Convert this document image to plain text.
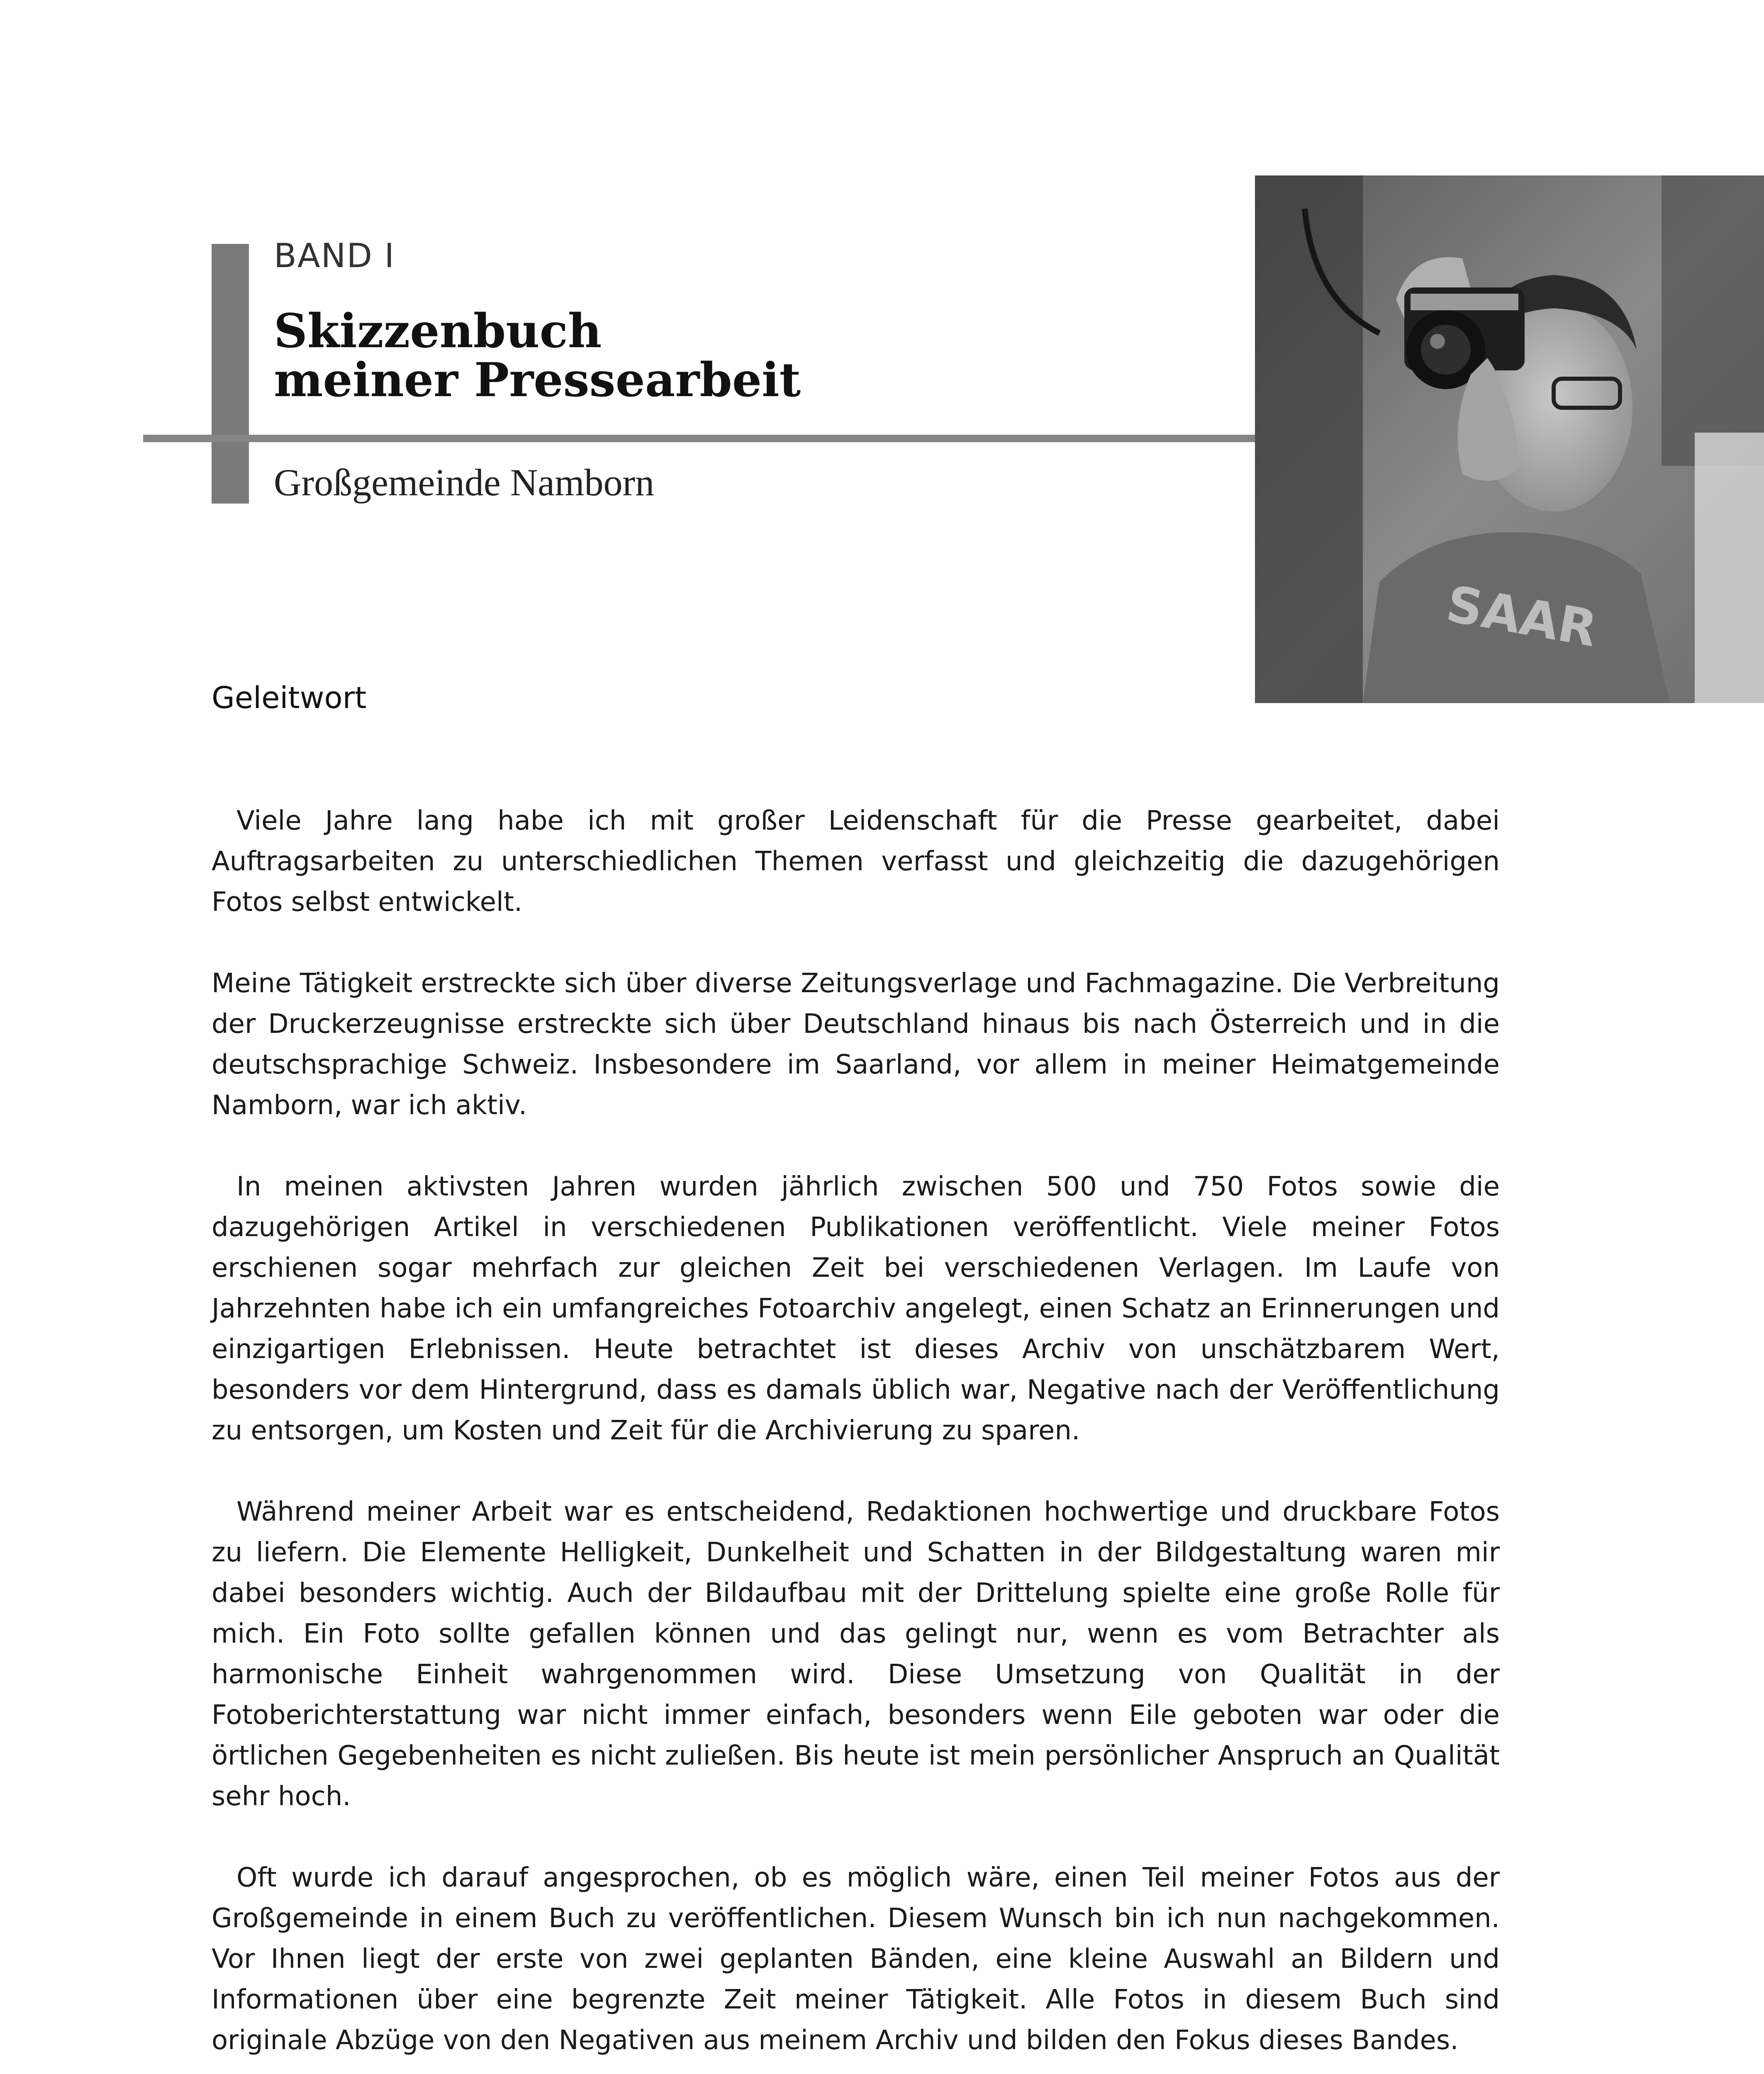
BAND I
Skizzenbuch
meiner Pressearbeit
Großgemeinde Namborn
SAAR
Geleitwort

Viele Jahre lang habe ich mit großer Leidenschaft für die Presse gearbeitet, dabei Auftragsarbeiten zu unterschiedlichen Themen verfasst und gleichzeitig die dazugehörigen Fotos selbst entwickelt.

Meine Tätigkeit erstreckte sich über diverse Zeitungsverlage und Fachmagazine. Die Verbreitung der Druckerzeugnisse erstreckte sich über Deutschland hinaus bis nach Österreich und in die deutschsprachige Schweiz. Insbesondere im Saarland, vor allem in meiner Heimatgemeinde Namborn, war ich aktiv.

In meinen aktivsten Jahren wurden jährlich zwischen 500 und 750 Fotos sowie die dazugehörigen Artikel in verschiedenen Publikationen veröffentlicht. Viele meiner Fotos erschienen sogar mehrfach zur gleichen Zeit bei verschiedenen Verlagen. Im Laufe von Jahrzehnten habe ich ein umfangreiches Fotoarchiv angelegt, einen Schatz an Erinnerungen und einzigartigen Erlebnissen. Heute betrachtet ist dieses Archiv von unschätzbarem Wert, besonders vor dem Hintergrund, dass es damals üblich war, Negative nach der Veröffentlichung zu entsorgen, um Kosten und Zeit für die Archivierung zu sparen.

Während meiner Arbeit war es entscheidend, Redaktionen hochwertige und druckbare Fotos zu liefern. Die Elemente Helligkeit, Dunkelheit und Schatten in der Bildgestaltung waren mir dabei besonders wichtig. Auch der Bildaufbau mit der Drittelung spielte eine große Rolle für mich. Ein Foto sollte gefallen können und das gelingt nur, wenn es vom Betrachter als harmonische Einheit wahrgenommen wird. Diese Umsetzung von Qualität in der Fotoberichterstattung war nicht immer einfach, besonders wenn Eile geboten war oder die örtlichen Gegebenheiten es nicht zuließen. Bis heute ist mein persönlicher Anspruch an Qualität sehr hoch.

Oft wurde ich darauf angesprochen, ob es möglich wäre, einen Teil meiner Fotos aus der Großgemeinde in einem Buch zu veröffentlichen. Diesem Wunsch bin ich nun nachgekommen. Vor Ihnen liegt der erste von zwei geplanten Bänden, eine kleine Auswahl an Bildern und Informationen über eine begrenzte Zeit meiner Tätigkeit. Alle Fotos in diesem Buch sind originale Abzüge von den Negativen aus meinem Archiv und bilden den Fokus dieses Bandes.
